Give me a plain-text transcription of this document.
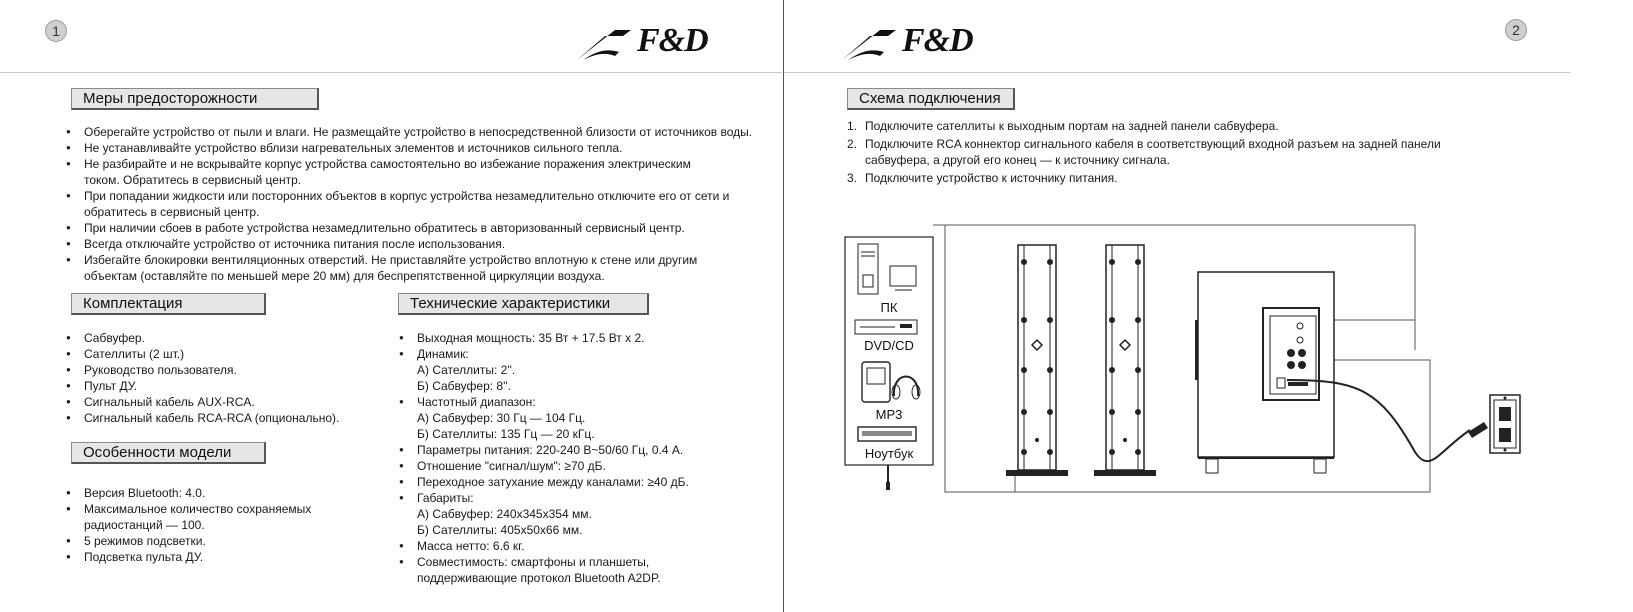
1	F&D
Меры предосторожности
● Оберегайте устройство от пыли и влаги. Не размещайте устройство в непосредственной близости от источников воды.
● Не устанавливайте устройство вблизи нагревательных элементов и источников сильного тепла.
● Не разбирайте и не вскрывайте корпус устройства самостоятельно во избежание поражения электрическим током. Обратитесь в сервисный центр.
● При попадании жидкости или посторонних объектов в корпус устройства незамедлительно отключите его от сети и обратитесь в сервисный центр.
● При наличии сбоев в работе устройства незамедлительно обратитесь в авторизованный сервисный центр.
● Всегда отключайте устройство от источника питания после использования.
● Избегайте блокировки вентиляционных отверстий. Не приставляйте устройство вплотную к стене или другим объектам (оставляйте по меньшей мере 20 мм) для беспрепятственной циркуляции воздуха.
Комплектация
● Сабвуфер.
● Сателлиты (2 шт.)
● Руководство пользователя.
● Пульт ДУ.
● Сигнальный кабель AUX-RCA.
● Сигнальный кабель RCA-RCA (опционально).
Особенности модели
● Версия Bluetooth: 4.0.
● Максимальное количество сохраняемых радиостанций — 100.
● 5 режимов подсветки.
● Подсветка пульта ДУ.
Технические характеристики
● Выходная мощность: 35 Вт + 17.5 Вт x 2.
● Динамик:
А) Сателлиты: 2''.
Б) Сабвуфер: 8''.
● Частотный диапазон:
А) Сабвуфер: 30 Гц — 104 Гц.
Б) Сателлиты: 135 Гц — 20 кГц.
● Параметры питания: 220-240 В~50/60 Гц, 0.4 А.
● Отношение "сигнал/шум": ≥70 дБ.
● Переходное затухание между каналами: ≥40 дБ.
● Габариты:
А) Сабвуфер: 240x345x354 мм.
Б) Сателлиты: 405x50x66 мм.
● Масса нетто: 6.6 кг.
● Совместимость: смартфоны и планшеты, поддерживающие протокол Bluetooth A2DP.
F&D	2
Схема подключения
1. Подключите сателлиты к выходным портам на задней панели сабвуфера.
2. Подключите RCA коннектор сигнального кабеля в соответствующий входной разъем на задней панели сабвуфера, а другой его конец — к источнику сигнала.
3. Подключите устройство к источнику питания.
ПК
DVD/CD
MP3
Ноутбук
